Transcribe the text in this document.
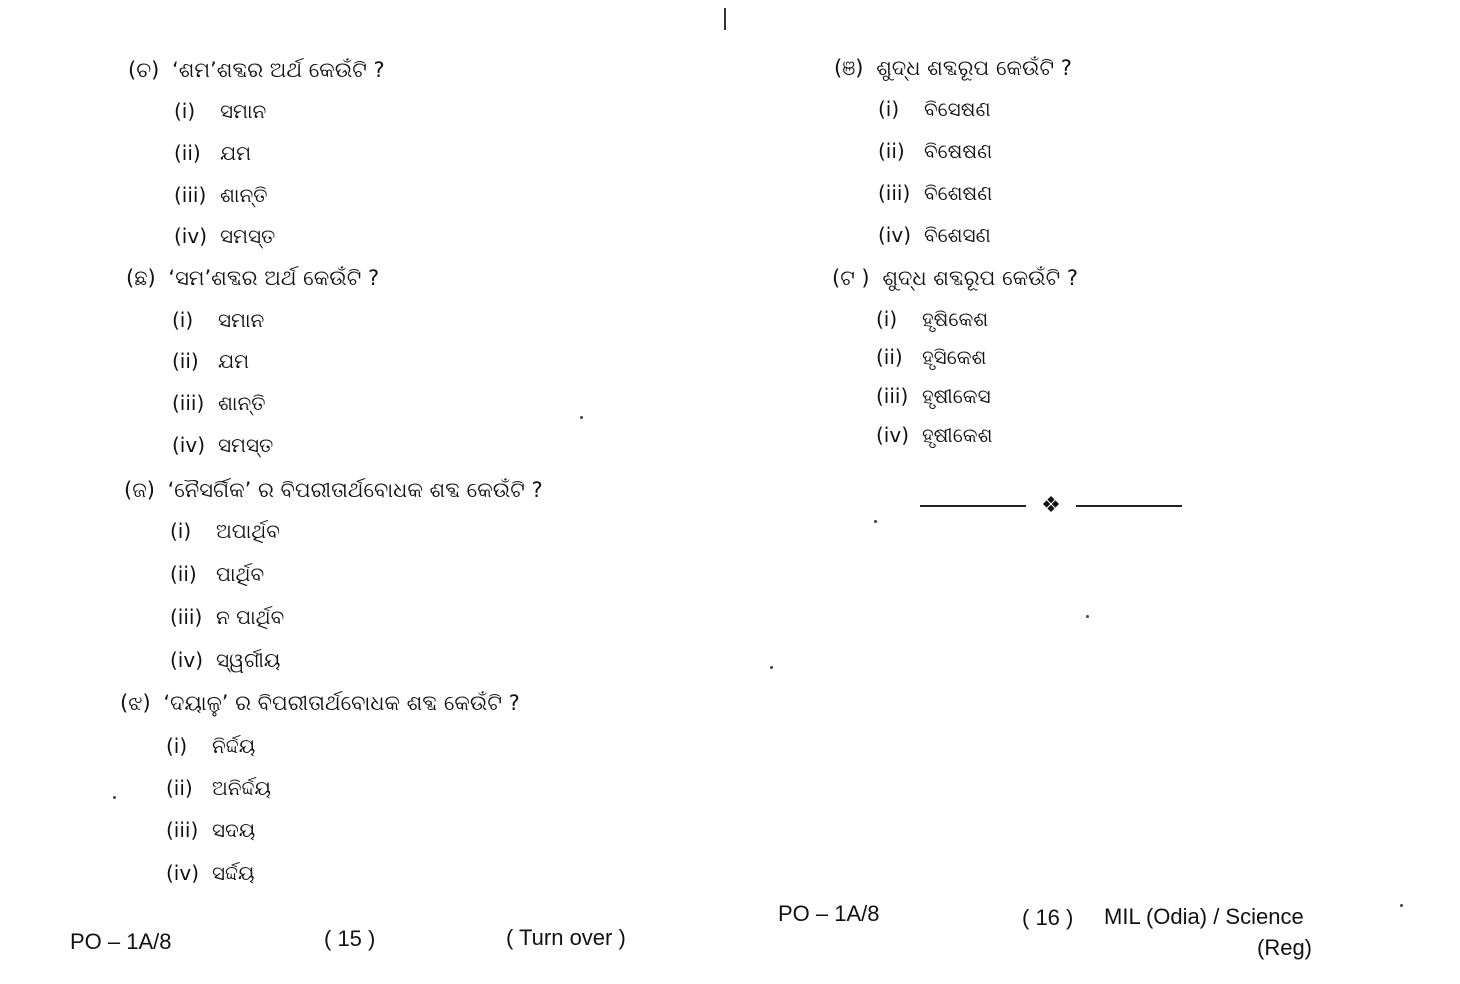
(ଚ) ‘ଶମ’ଶବ୍ଦର ଅର୍ଥ କେଉଁଟି ?
(i) ସମାନ
(ii) ଯମ
(iii) ଶାନ୍ତି
(iv) ସମସ୍ତ
(ଛ) ‘ସମ’ଶବ୍ଦର ଅର୍ଥ କେଉଁଟି ?
(i) ସମାନ
(ii) ଯମ
(iii) ଶାନ୍ତି
(iv) ସମସ୍ତ
(ଜ) ‘ନୈସର୍ଗିକ’ ର ବିପରୀତାର୍ଥବୋଧକ ଶବ୍ଦ କେଉଁଟି ?
(i) ଅପାର୍ଥିବ
(ii) ପାର୍ଥିବ
(iii) ନ ପାର୍ଥିବ
(iv) ସ୍ୱର୍ଗୀୟ
(ଝ) ‘ଦୟାଳୁ’ ର ବିପରୀତାର୍ଥବୋଧକ ଶବ୍ଦ କେଉଁଟି ?
(i) ନିର୍ଦ୍ଦୟ
(ii) ଅନିର୍ଦ୍ଦୟ
(iii) ସଦୟ
(iv) ସର୍ଦ୍ଦୟ
PO – 1A/8	( 15 )	( Turn over )
(ଞ) ଶୁଦ୍ଧ ଶବ୍ଦରୂପ କେଉଁଟି ?
(i) ବିସେଷଣ
(ii) ବିଷେଷଣ
(iii) ବିଶେଷଣ
(iv) ବିଶେସଣ
(ଟ ) ଶୁଦ୍ଧ ଶବ୍ଦରୂପ କେଉଁଟି ?
(i) ହୃଷିକେଶ
(ii) ହୃସିକେଶ
(iii) ହୃଷୀକେସ
(iv) ହୃଷୀକେଶ
❖
PO – 1A/8	( 16 ) MIL (Odia) / Science
(Reg)
